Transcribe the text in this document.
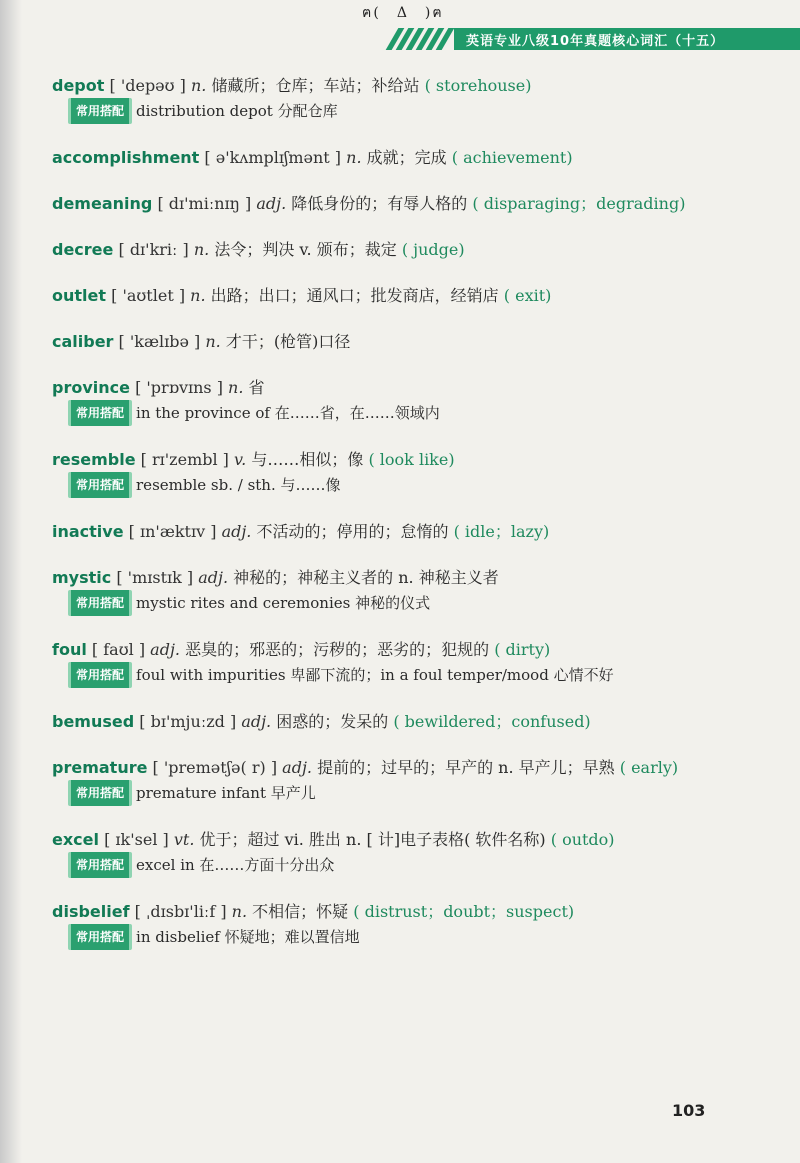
ฅ(　Δ　)ฅ
英语专业八级10年真题核心词汇（十五）
depot [ 'depəʊ ] n. 储藏所；仓库；车站；补给站 ( storehouse)
常用搭配 distribution depot 分配仓库
accomplishment [ ə'kʌmplɪʃmənt ] n. 成就；完成 ( achievement)
demeaning [ dɪ'miːnɪŋ ] adj. 降低身份的；有辱人格的 ( disparaging；degrading)
decree [ dɪ'kriː ] n. 法令；判决 v. 颁布；裁定 ( judge)
outlet [ 'aʊtlet ] n. 出路；出口；通风口；批发商店，经销店 ( exit)
caliber [ 'kælɪbə ] n. 才干；(枪管)口径
province [ 'prɒvɪns ] n. 省
常用搭配 in the province of 在……省，在……领域内
resemble [ rɪ'zembl ] v. 与……相似；像 ( look like)
常用搭配 resemble sb. / sth. 与……像
inactive [ ɪn'æktɪv ] adj. 不活动的；停用的；怠惰的 ( idle；lazy)
mystic [ 'mɪstɪk ] adj. 神秘的；神秘主义者的 n. 神秘主义者
常用搭配 mystic rites and ceremonies 神秘的仪式
foul [ faʊl ] adj. 恶臭的；邪恶的；污秽的；恶劣的；犯规的 ( dirty)
常用搭配 foul with impurities 卑鄙下流的；in a foul temper/mood 心情不好
bemused [ bɪ'mjuːzd ] adj. 困惑的；发呆的 ( bewildered；confused)
premature [ 'premətʃə( r) ] adj. 提前的；过早的；早产的 n. 早产儿；早熟 ( early)
常用搭配 premature infant 早产儿
excel [ ɪk'sel ] vt. 优于；超过 vi. 胜出 n. [ 计]电子表格( 软件名称) ( outdo)
常用搭配 excel in 在……方面十分出众
disbelief [ ˌdɪsbɪ'liːf ] n. 不相信；怀疑 ( distrust；doubt；suspect)
常用搭配 in disbelief 怀疑地；难以置信地
103
